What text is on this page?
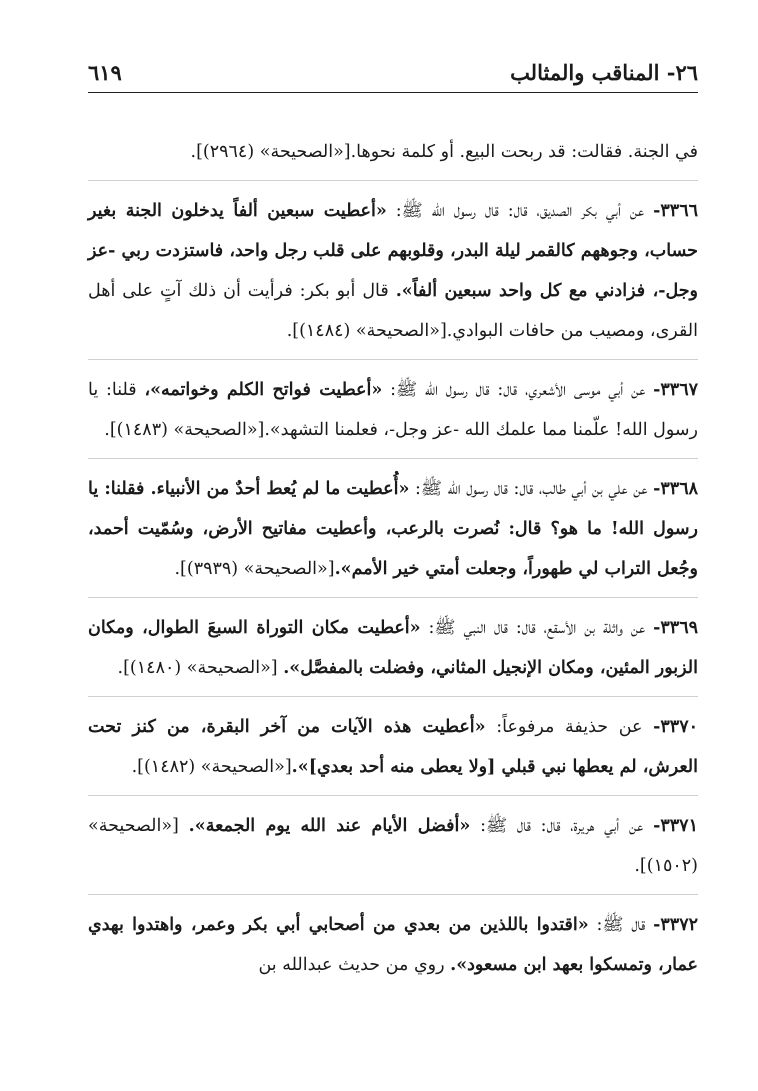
٢٦- المناقب والمثالب
٦١٩

في الجنة. فقالت: قد ربحت البيع. أو كلمة نحوها.[«الصحيحة» (٢٩٦٤)].

٣٣٦٦- عن أبي بكر الصديق، قال: قال رسول الله ﷺ: «أعطيت سبعين ألفاً يدخلون الجنة بغير حساب، وجوههم كالقمر ليلة البدر، وقلوبهم على قلب رجل واحد، فاستزدت ربي -عز وجل-، فزادني مع كل واحد سبعين ألفاً». قال أبو بكر: فرأيت أن ذلك آتٍ على أهل القرى، ومصيب من حافات البوادي.[«الصحيحة» (١٤٨٤)].

٣٣٦٧- عن أبي موسى الأشعري، قال: قال رسول الله ﷺ: «أعطيت فواتح الكلم وخواتمه»، قلنا: يا رسول الله! علّمنا مما علمك الله -عز وجل-، فعلمنا التشهد».[«الصحيحة» (١٤٨٣)].

٣٣٦٨- عن علي بن أبي طالب، قال: قال رسول الله ﷺ: «أُعطيت ما لم يُعط أحدٌ من الأنبياء. فقلنا: يا رسول الله! ما هو؟ قال: نُصرت بالرعب، وأعطيت مفاتيح الأرض، وسُمّيت أحمد، وجُعل التراب لي طهوراً، وجعلت أمتي خير الأمم».[«الصحيحة» (٣٩٣٩)].

٣٣٦٩- عن واثلة بن الأسقع، قال: قال النبي ﷺ: «أعطيت مكان التوراة السبعَ الطوال، ومكان الزبور المئين، ومكان الإنجيل المثاني، وفضلت بالمفصَّل». [«الصحيحة» (١٤٨٠)].

٣٣٧٠- عن حذيفة مرفوعاً: «أعطيت هذه الآيات من آخر البقرة، من كنز تحت العرش، لم يعطها نبي قبلي [ولا يعطى منه أحد بعدي]».[«الصحيحة» (١٤٨٢)].

٣٣٧١- عن أبي هريرة، قال: قال ﷺ: «أفضل الأيام عند الله يوم الجمعة». [«الصحيحة» (١٥٠٢)].

٣٣٧٢- قال ﷺ: «اقتدوا باللذين من بعدي من أصحابي أبي بكر وعمر، واهتدوا بهدي عمار، وتمسكوا بعهد ابن مسعود». روي من حديث عبدالله بن
